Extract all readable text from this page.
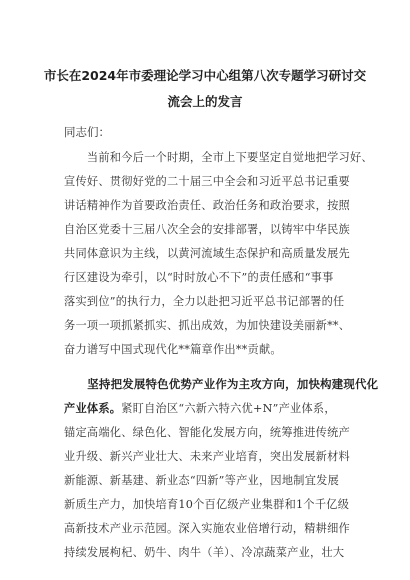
市长在2024年市委理论学习中心组第八次专题学习研讨交
流会上的发言
同志们：
　　当前和今后一个时期，全市上下要坚定自觉地把学习好、
宣传好、贯彻好党的二十届三中全会和习近平总书记重要
讲话精神作为首要政治责任、政治任务和政治要求，按照
自治区党委十三届八次全会的安排部署，以铸牢中华民族
共同体意识为主线，以黄河流域生态保护和高质量发展先
行区建设为牵引，以“时时放心不下”的责任感和“事事
落实到位”的执行力，全力以赴把习近平总书记部署的任
务一项一项抓紧抓实、抓出成效，为加快建设美丽新**、
奋力谱写中国式现代化**篇章作出**贡献。
　　坚持把发展特色优势产业作为主攻方向，加快构建现代化
产业体系。紧盯自治区“六新六特六优+N”产业体系，
锚定高端化、绿色化、智能化发展方向，统筹推进传统产
业升级、新兴产业壮大、未来产业培育，突出发展新材料
新能源、新基建、新业态“四新”等产业，因地制宜发展
新质生产力，加快培育10个百亿级产业集群和1个千亿级
高新技术产业示范园。深入实施农业倍增行动，精耕细作
持续发展枸杞、奶牛、肉牛（羊）、冷凉蔬菜产业，壮大
